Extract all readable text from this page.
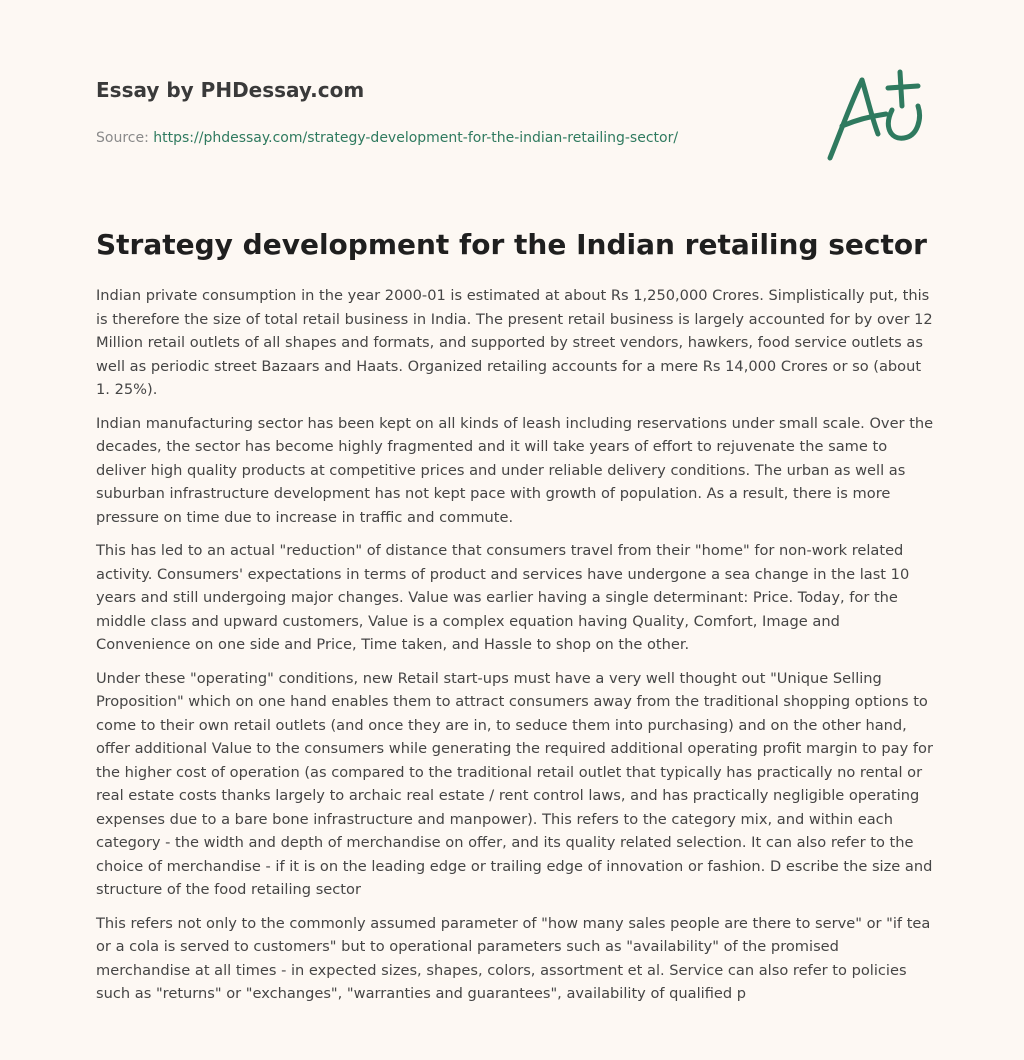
Essay by PHDessay.com
Source: https://phdessay.com/strategy-development-for-the-indian-retailing-sector/
Strategy development for the Indian retailing sector

Indian private consumption in the year 2000-01 is estimated at about Rs 1,250,000 Crores. Simplistically put, this is therefore the size of total retail business in India. The present retail business is largely accounted for by over 12 Million retail outlets of all shapes and formats, and supported by street vendors, hawkers, food service outlets as well as periodic street Bazaars and Haats. Organized retailing accounts for a mere Rs 14,000 Crores or so (about 1. 25%).

Indian manufacturing sector has been kept on all kinds of leash including reservations under small scale. Over the decades, the sector has become highly fragmented and it will take years of effort to rejuvenate the same to deliver high quality products at competitive prices and under reliable delivery conditions. The urban as well as suburban infrastructure development has not kept pace with growth of population. As a result, there is more pressure on time due to increase in traffic and commute.

This has led to an actual "reduction" of distance that consumers travel from their "home" for non-work related activity. Consumers' expectations in terms of product and services have undergone a sea change in the last 10 years and still undergoing major changes. Value was earlier having a single determinant: Price. Today, for the middle class and upward customers, Value is a complex equation having Quality, Comfort, Image and Convenience on one side and Price, Time taken, and Hassle to shop on the other.

Under these "operating" conditions, new Retail start-ups must have a very well thought out "Unique Selling Proposition" which on one hand enables them to attract consumers away from the traditional shopping options to come to their own retail outlets (and once they are in, to seduce them into purchasing) and on the other hand, offer additional Value to the consumers while generating the required additional operating profit margin to pay for the higher cost of operation (as compared to the traditional retail outlet that typically has practically no rental or real estate costs thanks largely to archaic real estate / rent control laws, and has practically negligible operating expenses due to a bare bone infrastructure and manpower). This refers to the category mix, and within each category - the width and depth of merchandise on offer, and its quality related selection. It can also refer to the choice of merchandise - if it is on the leading edge or trailing edge of innovation or fashion. D escribe the size and structure of the food retailing sector

This refers not only to the commonly assumed parameter of "how many sales people are there to serve" or "if tea or a cola is served to customers" but to operational parameters such as "availability" of the promised merchandise at all times - in expected sizes, shapes, colors, assortment et al. Service can also refer to policies such as "returns" or "exchanges", "warranties and guarantees", availability of qualified p
